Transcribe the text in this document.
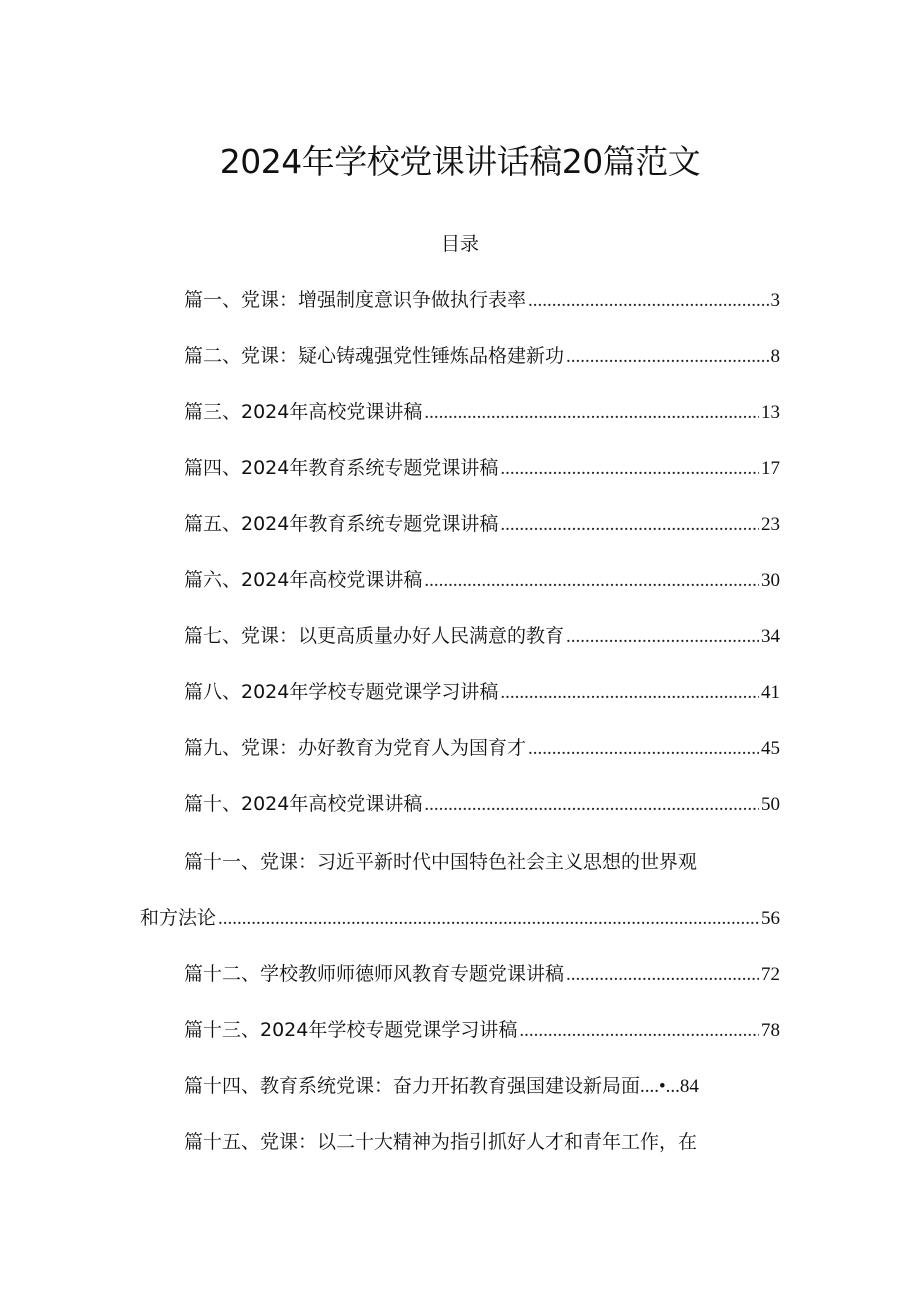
2024年学校党课讲话稿20篇范文
目录
篇一、党课：增强制度意识争做执行表率 .....	3
篇二、党课：疑心铸魂强党性锤炼品格建新功 .....	8
篇三、2024年高校党课讲稿 .....	13
篇四、2024年教育系统专题党课讲稿 .....	17
篇五、2024年教育系统专题党课讲稿 .....	23
篇六、2024年高校党课讲稿 .....	30
篇七、党课：以更高质量办好人民满意的教育 .....	34
篇八、2024年学校专题党课学习讲稿 .....	41
篇九、党课：办好教育为党育人为国育才 .....	45
篇十、2024年高校党课讲稿 .....	50
篇十一、党课：习近平新时代中国特色社会主义思想的世界观
和方法论 .....	56
篇十二、学校教师师德师风教育专题党课讲稿 .....	72
篇十三、2024年学校专题党课学习讲稿 .....	78
篇十四、教育系统党课：奋力开拓教育强国建设新局面 ....•... 84
篇十五、党课：以二十大精神为指引抓好人才和青年工作，在
